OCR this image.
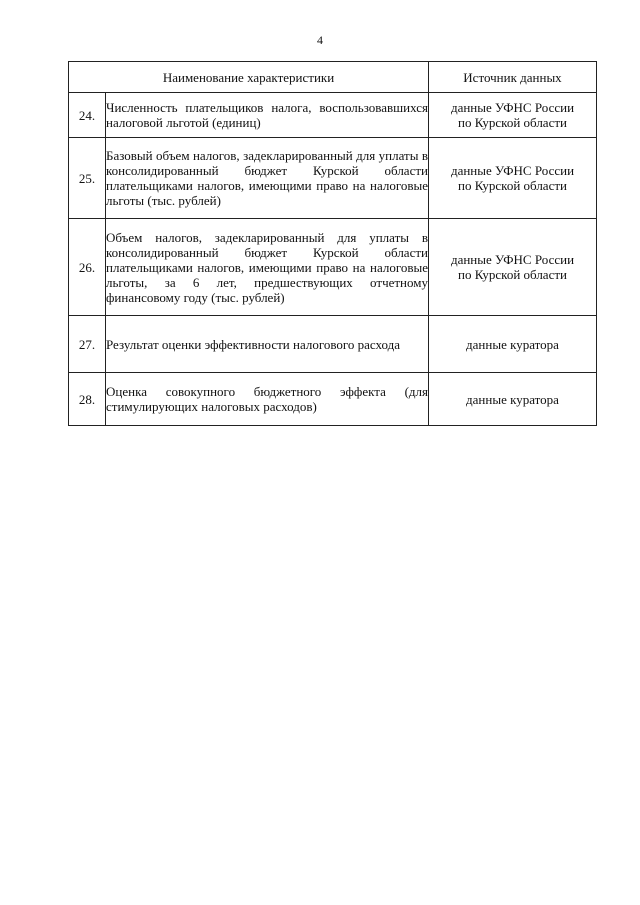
4
Наименование характеристики		Источник данных
24.	Численность плательщиков налога, воспользовавшихся налоговой льготой (единиц)	данные УФНС России
по Курской области

25.	Базовый объем налогов, задекларированный для уплаты в консолидированный бюджет Курской области плательщиками налогов, имеющими право на налоговые льготы (тыс. рублей)	данные УФНС России
по Курской области

26.	Объем налогов, задекларированный для уплаты в консолидированный бюджет Курской области плательщиками налогов, имеющими право на налоговые льготы, за 6 лет, предшествующих отчетному финансовому году (тыс. рублей)	данные УФНС России
по Курской области

27.	Результат оценки эффективности налогового расхода	данные куратора

28.	Оценка совокупного бюджетного эффекта (для стимулирующих налоговых расходов)	данные куратора
